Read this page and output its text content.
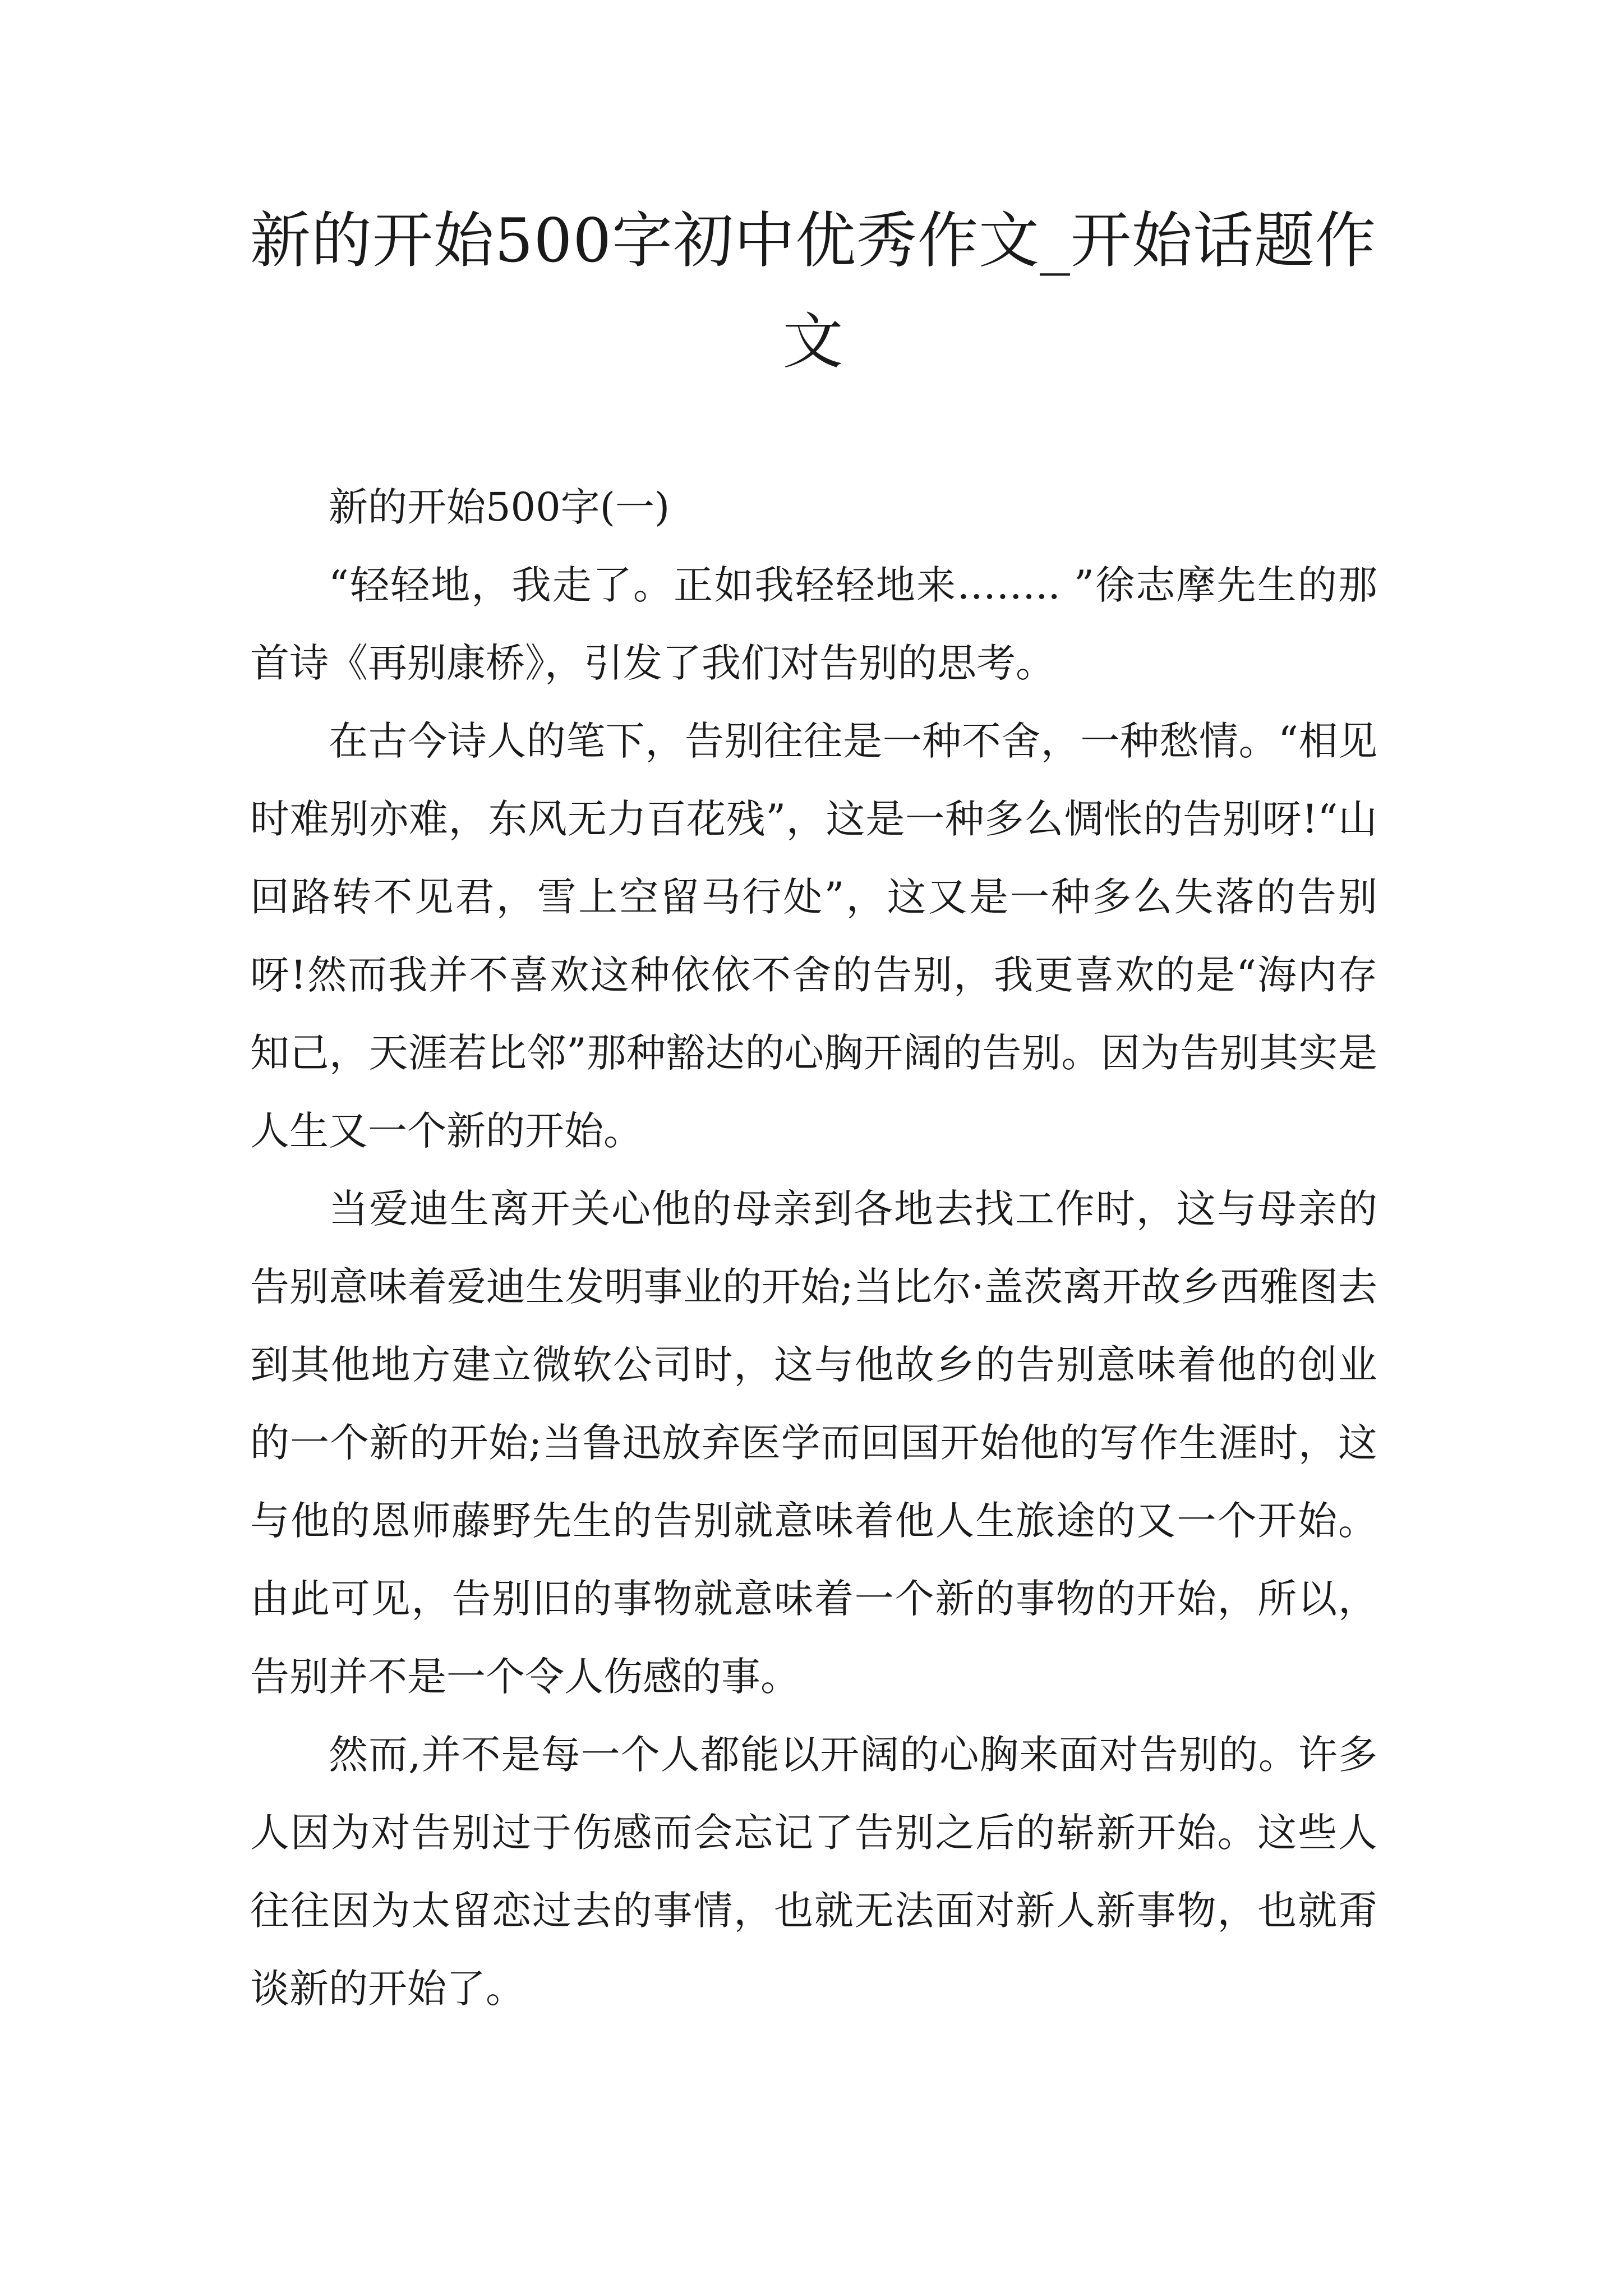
新的开始500字初中优秀作文_开始话题作文

新的开始500字(一)

“轻轻地，我走了。正如我轻轻地来…….. ”徐志摩先生的那首诗《再别康桥》，引发了我们对告别的思考。

在古今诗人的笔下，告别往往是一种不舍，一种愁情。“相见时难别亦难，东风无力百花残”，这是一种多么惆怅的告别呀!“山回路转不见君，雪上空留马行处”，这又是一种多么失落的告别呀!然而我并不喜欢这种依依不舍的告别，我更喜欢的是“海内存知己，天涯若比邻”那种豁达的心胸开阔的告别。因为告别其实是人生又一个新的开始。

当爱迪生离开关心他的母亲到各地去找工作时，这与母亲的告别意味着爱迪生发明事业的开始;当比尔·盖茨离开故乡西雅图去到其他地方建立微软公司时，这与他故乡的告别意味着他的创业的一个新的开始;当鲁迅放弃医学而回国开始他的写作生涯时，这与他的恩师藤野先生的告别就意味着他人生旅途的又一个开始。由此可见，告别旧的事物就意味着一个新的事物的开始，所以，告别并不是一个令人伤感的事。

然而,并不是每一个人都能以开阔的心胸来面对告别的。许多人因为对告别过于伤感而会忘记了告别之后的崭新开始。这些人往往因为太留恋过去的事情，也就无法面对新人新事物，也就甭谈新的开始了。
